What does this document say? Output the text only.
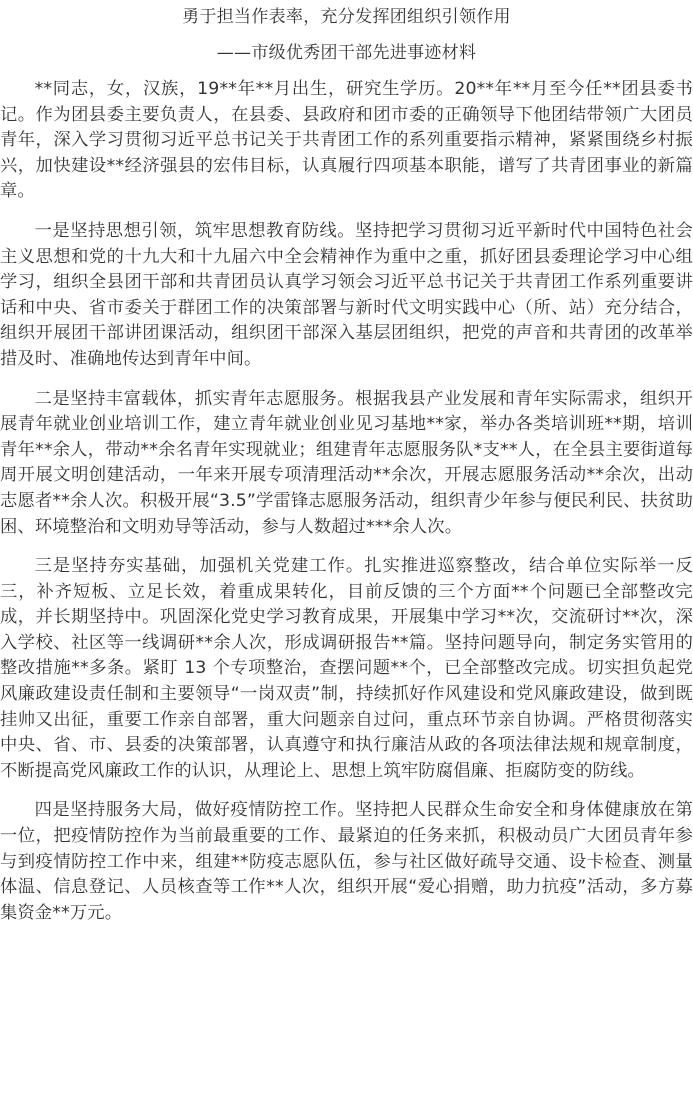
勇于担当作表率，充分发挥团组织引领作用
——市级优秀团干部先进事迹材料

**同志，女，汉族，19**年**月出生，研究生学历。20**年**月至今任**团县委书记。作为团县委主要负责人，在县委、县政府和团市委的正确领导下他团结带领广大团员青年，深入学习贯彻习近平总书记关于共青团工作的系列重要指示精神，紧紧围绕乡村振兴，加快建设**经济强县的宏伟目标，认真履行四项基本职能，谱写了共青团事业的新篇章。

一是坚持思想引领，筑牢思想教育防线。坚持把学习贯彻习近平新时代中国特色社会主义思想和党的十九大和十九届六中全会精神作为重中之重，抓好团县委理论学习中心组学习，组织全县团干部和共青团员认真学习领会习近平总书记关于共青团工作系列重要讲话和中央、省市委关于群团工作的决策部署与新时代文明实践中心（所、站）充分结合，组织开展团干部讲团课活动，组织团干部深入基层团组织，把党的声音和共青团的改革举措及时、准确地传达到青年中间。

二是坚持丰富载体，抓实青年志愿服务。根据我县产业发展和青年实际需求，组织开展青年就业创业培训工作，建立青年就业创业见习基地**家，举办各类培训班**期，培训青年**余人，带动**余名青年实现就业；组建青年志愿服务队*支**人，在全县主要街道每周开展文明创建活动，一年来开展专项清理活动**余次，开展志愿服务活动**余次，出动志愿者**余人次。积极开展“3.5”学雷锋志愿服务活动，组织青少年参与便民利民、扶贫助困、环境整治和文明劝导等活动，参与人数超过***余人次。

三是坚持夯实基础，加强机关党建工作。扎实推进巡察整改，结合单位实际举一反三，补齐短板、立足长效，着重成果转化，目前反馈的三个方面**个问题已全部整改完成，并长期坚持中。巩固深化党史学习教育成果，开展集中学习**次，交流研讨**次，深入学校、社区等一线调研**余人次，形成调研报告**篇。坚持问题导向，制定务实管用的整改措施**多条。紧盯 13 个专项整治，查摆问题**个，已全部整改完成。切实担负起党风廉政建设责任制和主要领导“一岗双责”制，持续抓好作风建设和党风廉政建设，做到既挂帅又出征，重要工作亲自部署，重大问题亲自过问，重点环节亲自协调。严格贯彻落实中央、省、市、县委的决策部署，认真遵守和执行廉洁从政的各项法律法规和规章制度，不断提高党风廉政工作的认识，从理论上、思想上筑牢防腐倡廉、拒腐防变的防线。

四是坚持服务大局，做好疫情防控工作。坚持把人民群众生命安全和身体健康放在第一位，把疫情防控作为当前最重要的工作、最紧迫的任务来抓，积极动员广大团员青年参与到疫情防控工作中来，组建**防疫志愿队伍，参与社区做好疏导交通、设卡检查、测量体温、信息登记、人员核查等工作**人次，组织开展“爱心捐赠，助力抗疫”活动，多方募集资金**万元。
